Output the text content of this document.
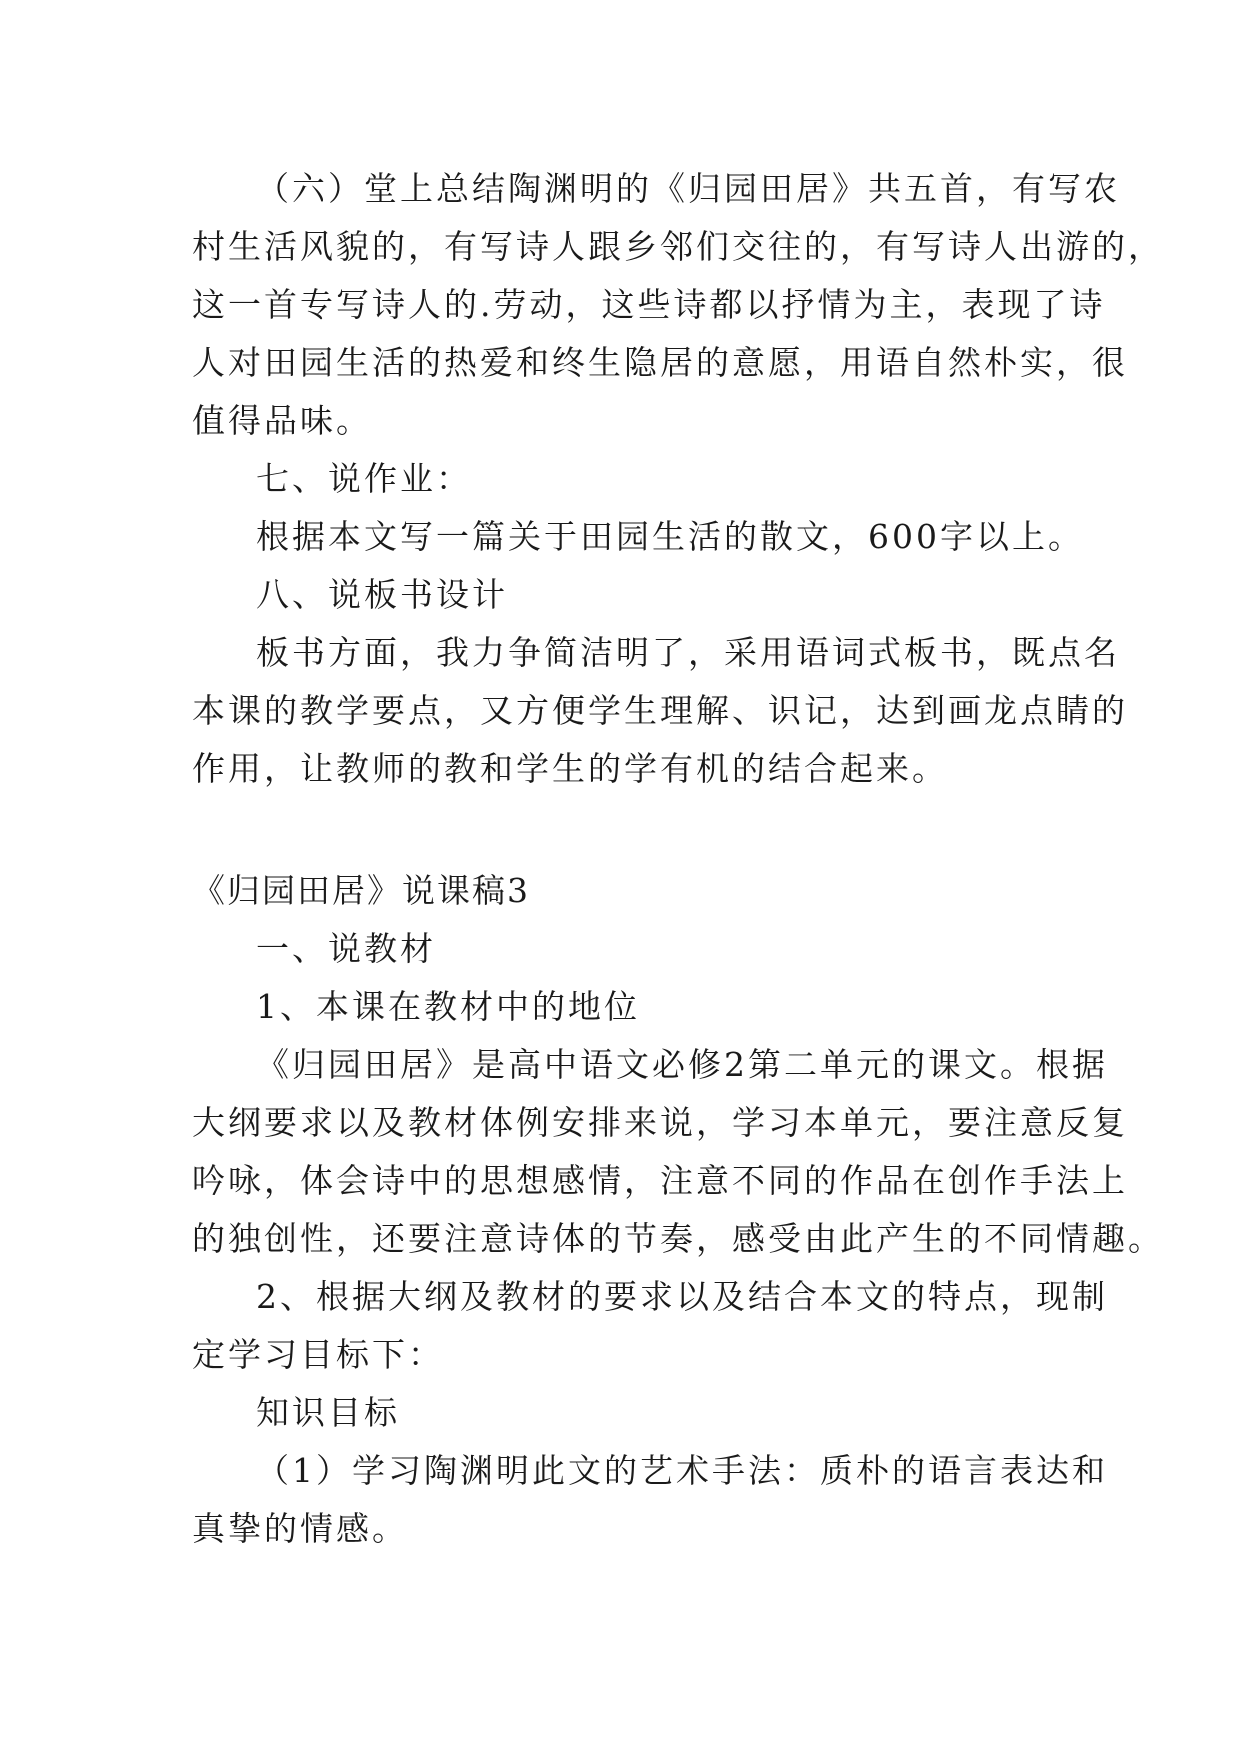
（六）堂上总结陶渊明的《归园田居》共五首，有写农
村生活风貌的，有写诗人跟乡邻们交往的，有写诗人出游的，
这一首专写诗人的.劳动，这些诗都以抒情为主，表现了诗
人对田园生活的热爱和终生隐居的意愿，用语自然朴实，很
值得品味。
七、说作业：
根据本文写一篇关于田园生活的散文，600字以上。
八、说板书设计
板书方面，我力争简洁明了，采用语词式板书，既点名
本课的教学要点，又方便学生理解、识记，达到画龙点睛的
作用，让教师的教和学生的学有机的结合起来。
《归园田居》说课稿3
一、说教材
1、本课在教材中的地位
《归园田居》是高中语文必修2第二单元的课文。根据
大纲要求以及教材体例安排来说，学习本单元，要注意反复
吟咏，体会诗中的思想感情，注意不同的作品在创作手法上
的独创性，还要注意诗体的节奏，感受由此产生的不同情趣。
2、根据大纲及教材的要求以及结合本文的特点，现制
定学习目标下：
知识目标
（1）学习陶渊明此文的艺术手法：质朴的语言表达和
真挚的情感。
